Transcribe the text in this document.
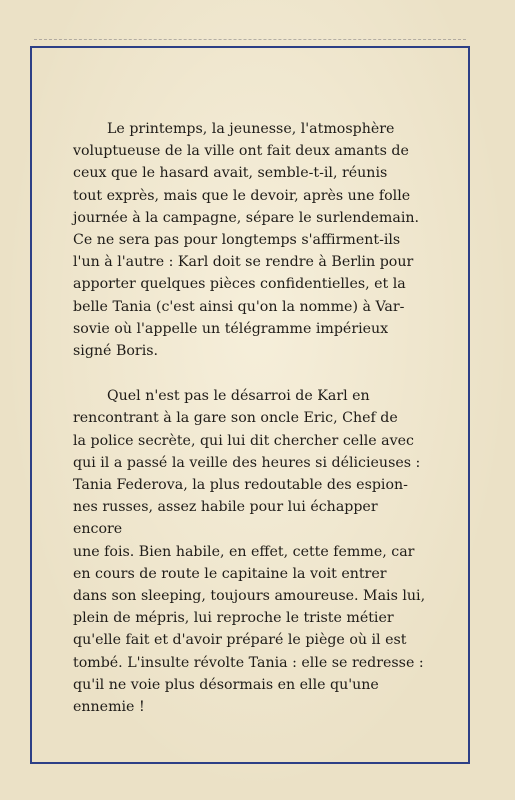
Le printemps, la jeunesse, l'atmosphère
voluptueuse de la ville ont fait deux amants de
ceux que le hasard avait, semble-t-il, réunis
tout exprès, mais que le devoir, après une folle
journée à la campagne, sépare le surlendemain.
Ce ne sera pas pour longtemps s'affirment-ils
l'un à l'autre : Karl doit se rendre à Berlin pour
apporter quelques pièces confidentielles, et la
belle Tania (c'est ainsi qu'on la nomme) à Var-
sovie où l'appelle un télégramme impérieux
signé Boris.

Quel n'est pas le désarroi de Karl en
rencontrant à la gare son oncle Eric, Chef de
la police secrète, qui lui dit chercher celle avec
qui il a passé la veille des heures si délicieuses :
Tania Federova, la plus redoutable des espion-
nes russes, assez habile pour lui échapper encore
une fois. Bien habile, en effet, cette femme, car
en cours de route le capitaine la voit entrer
dans son sleeping, toujours amoureuse. Mais lui,
plein de mépris, lui reproche le triste métier
qu'elle fait et d'avoir préparé le piège où il est
tombé. L'insulte révolte Tania : elle se redresse :
qu'il ne voie plus désormais en elle qu'une
ennemie !
